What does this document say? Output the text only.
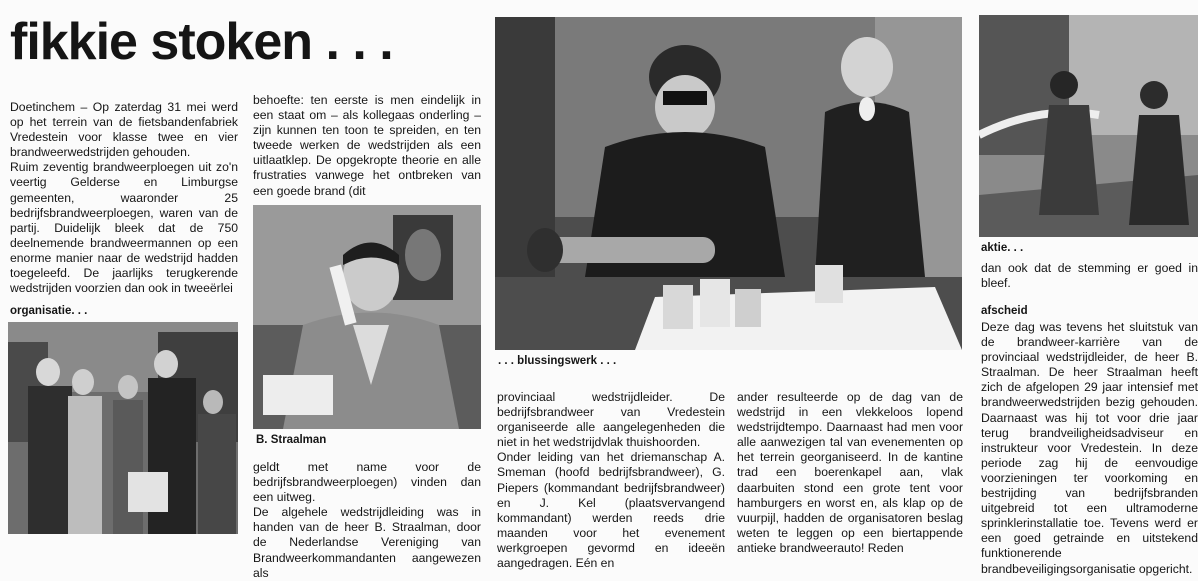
fikkie stoken . . .

Doetinchem – Op zaterdag 31 mei werd op het terrein van de fietsbandenfabriek Vredestein voor klasse twee en vier brandweerwedstrijden gehouden.

Ruim zeventig brandweerploegen uit zo'n veertig Gelderse en Limburgse gemeenten, waaronder 25 bedrijfsbrandweerploegen, waren van de partij. Duidelijk bleek dat de 750 deelnemende brandweermannen op een enorme manier naar de wedstrijd hadden toegeleefd. De jaarlijks terugkerende wedstrijden voorzien dan ook in tweeërlei

organisatie. . .

behoefte: ten eerste is men eindelijk in een staat om – als kollegaas onderling – zijn kunnen ten toon te spreiden, en ten tweede werken de wedstrijden als een uitlaatklep. De opgekropte theorie en alle frustraties vanwege het ontbreken van een goede brand (dit

B. Straalman

geldt met name voor de bedrijfsbrandweerploegen) vinden dan een uitweg.

De algehele wedstrijdleiding was in handen van de heer B. Straalman, door de Nederlandse Vereniging van Brandweerkommandanten aangewezen als

. . . blussingswerk . . .

provinciaal wedstrijdleider. De bedrijfsbrandweer van Vredestein organiseerde alle aangelegenheden die niet in het wedstrijdvlak thuishoorden.

Onder leiding van het driemanschap A. Smeman (hoofd bedrijfsbrandweer), G. Piepers (kommandant bedrijfsbrandweer) en J. Kel (plaatsvervangend kommandant) werden reeds drie maanden voor het evenement werkgroepen gevormd en ideeën aangedragen. Eén en

ander resulteerde op de dag van de wedstrijd in een vlekkeloos lopend wedstrijdtempo. Daarnaast had men voor alle aanwezigen tal van evenementen op het terrein georganiseerd. In de kantine trad een boerenkapel aan, vlak daarbuiten stond een grote tent voor hamburgers en worst en, als klap op de vuurpijl, hadden de organisatoren beslag weten te leggen op een biertappende antieke brandweerauto! Reden

aktie. . .

dan ook dat de stemming er goed in bleef.

afscheid

Deze dag was tevens het sluitstuk van de brandweer-karrière van de provinciaal wedstrijdleider, de heer B. Straalman. De heer Straalman heeft zich de afgelopen 29 jaar intensief met brandweerwedstrijden bezig gehouden. Daarnaast was hij tot voor drie jaar terug brandveiligheidsadviseur en instrukteur voor Vredestein. In deze periode zag hij de eenvoudige voorzieningen ter voorkoming en bestrijding van bedrijfsbranden uitgebreid tot een ultramoderne sprinklerinstallatie toe. Tevens werd er een goed getrainde en uitstekend funktionerende brandbeveiligingsorganisatie opgericht.
